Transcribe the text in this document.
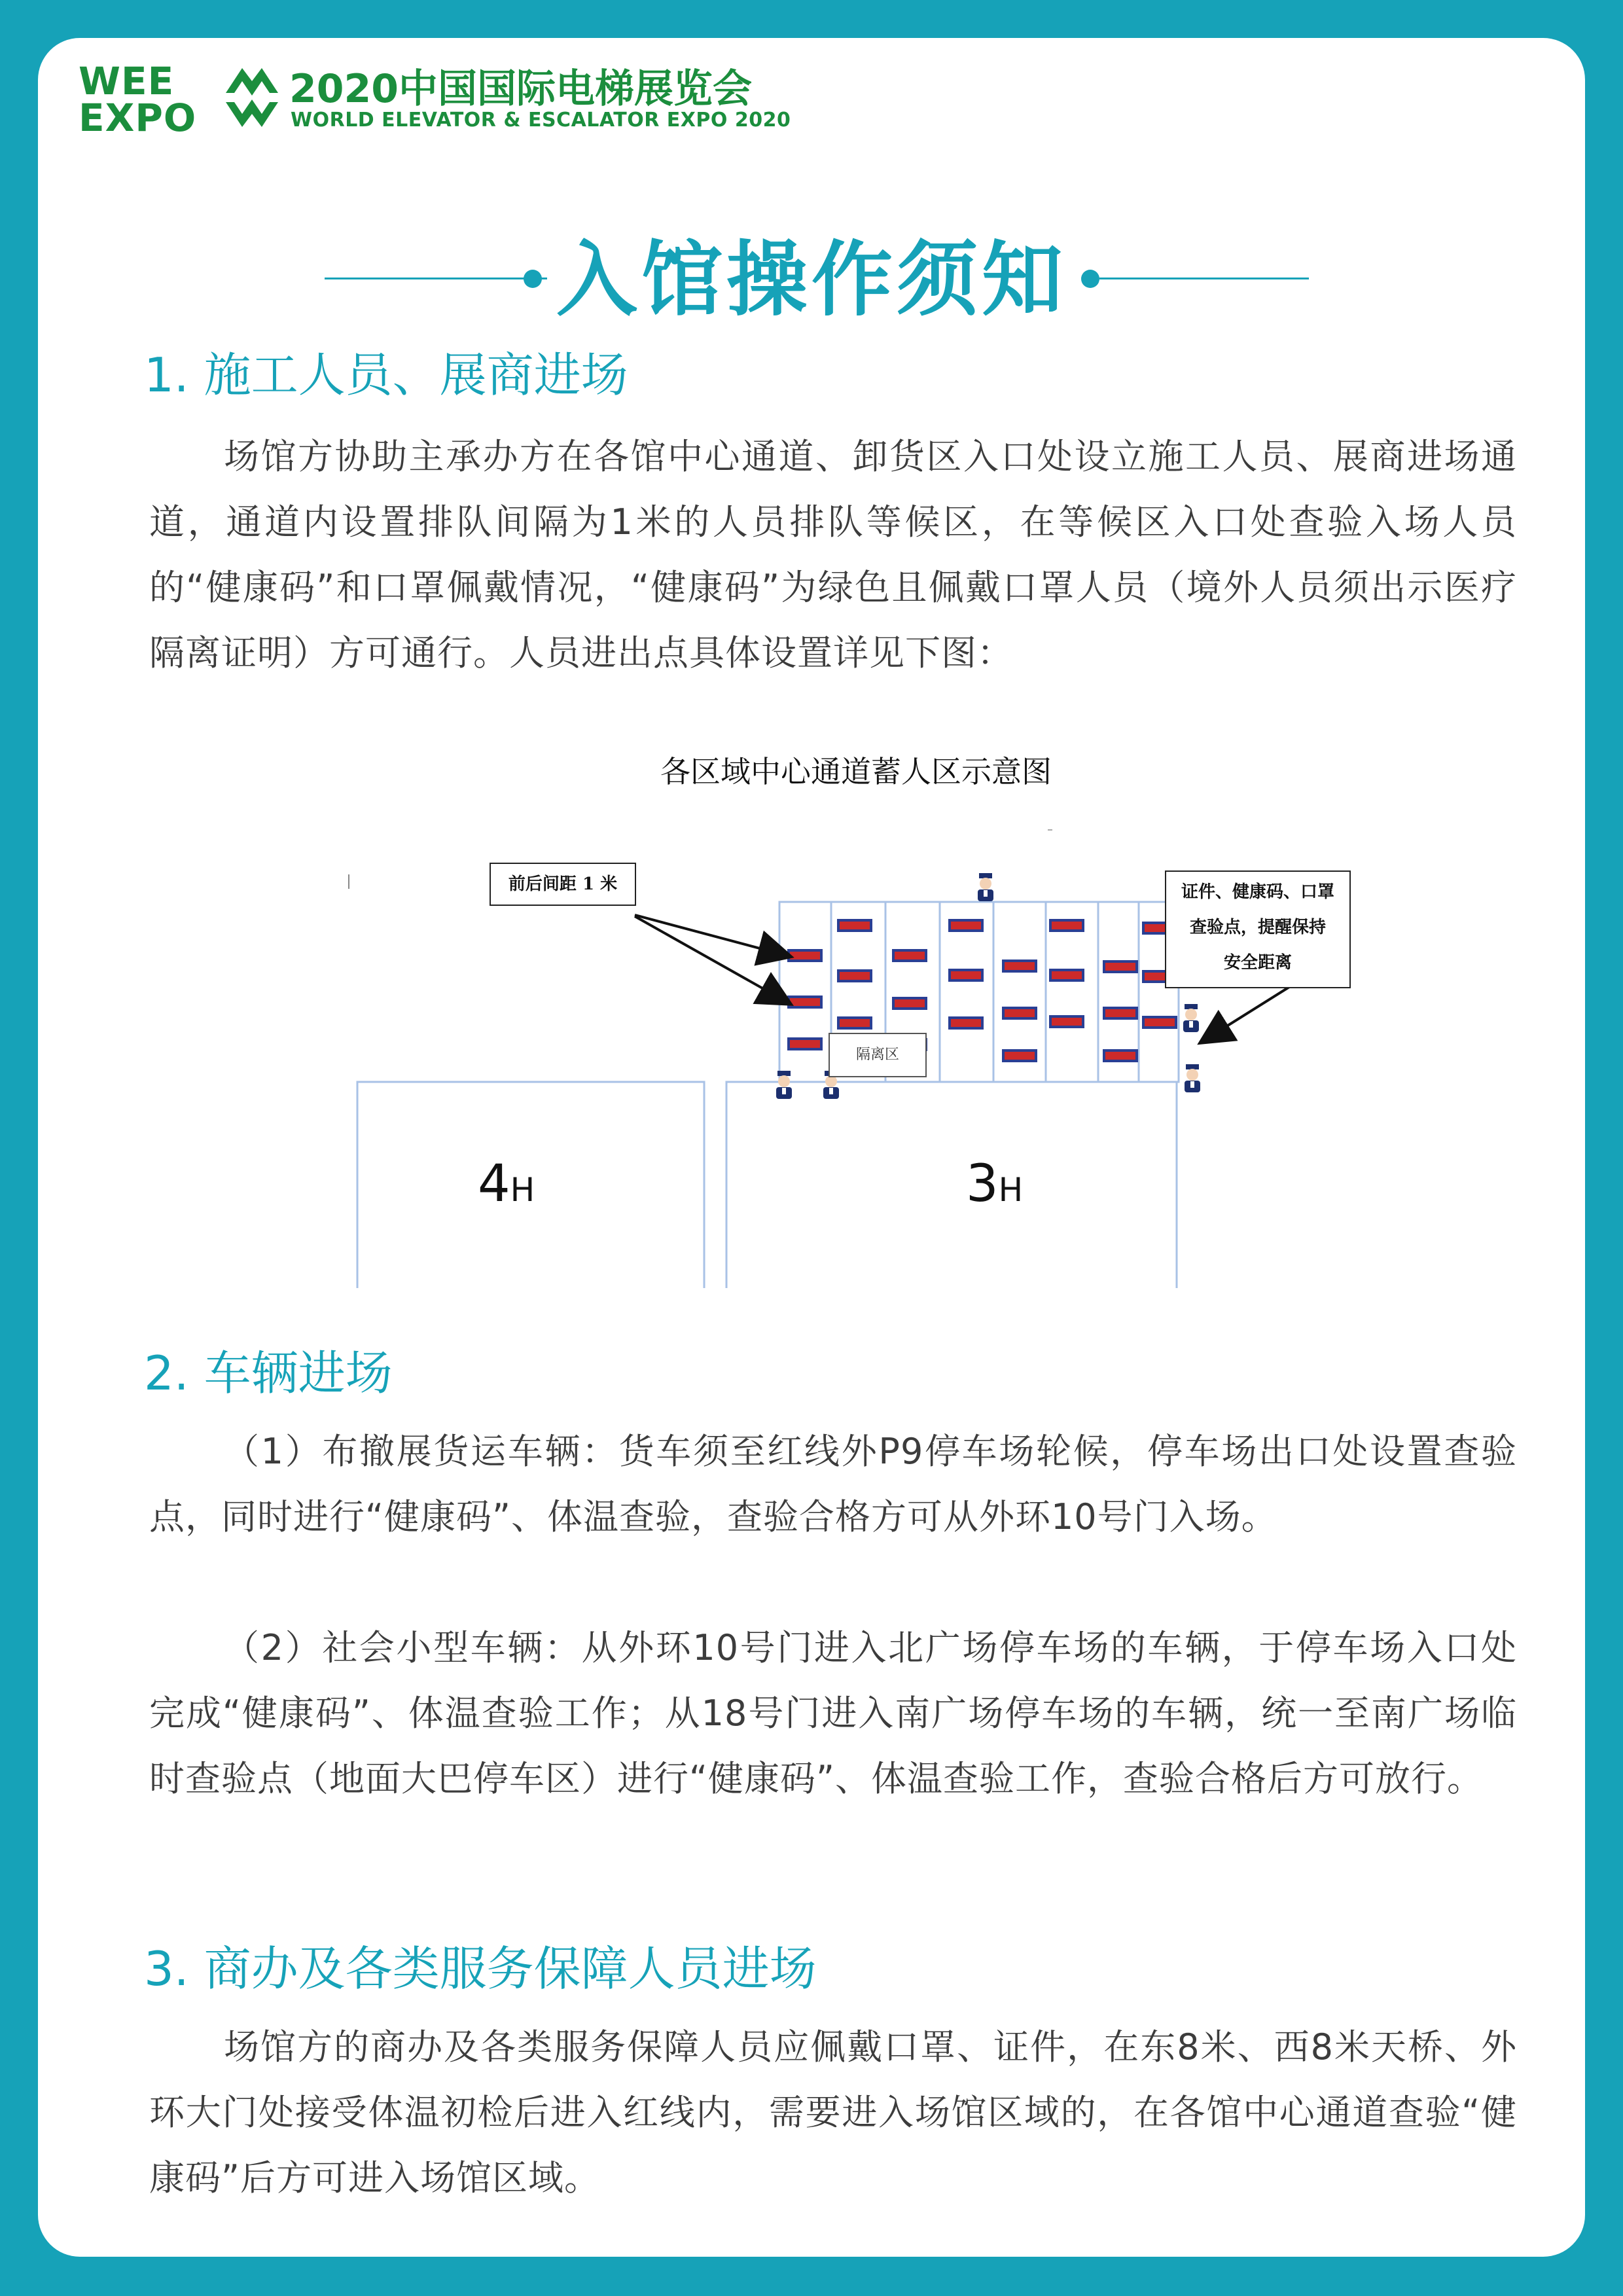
WEE
EXPO
2020中国国际电梯展览会
WORLD ELEVATOR & ESCALATOR EXPO 2020
入馆操作须知
1. 施工人员、展商进场
场馆方协助主承办方在各馆中心通道、卸货区入口处设立施工人员、展商进场通道，通道内设置排队间隔为1米的人员排队等候区，在等候区入口处查验入场人员的“健康码”和口罩佩戴情况，“健康码”为绿色且佩戴口罩人员（境外人员须出示医疗隔离证明）方可通行。人员进出点具体设置详见下图：
各区域中心通道蓄人区示意图
前后间距 1 米	证件、健康码、口罩
查验点，提醒保持
安全距离
隔离区
4H	3H
2. 车辆进场
（1）布撤展货运车辆：货车须至红线外P9停车场轮候，停车场出口处设置查验点，同时进行“健康码”、体温查验，查验合格方可从外环10号门入场。
（2）社会小型车辆：从外环10号门进入北广场停车场的车辆，于停车场入口处完成“健康码”、体温查验工作；从18号门进入南广场停车场的车辆，统一至南广场临时查验点（地面大巴停车区）进行“健康码”、体温查验工作，查验合格后方可放行。
3. 商办及各类服务保障人员进场
场馆方的商办及各类服务保障人员应佩戴口罩、证件，在东8米、西8米天桥、外环大门处接受体温初检后进入红线内，需要进入场馆区域的，在各馆中心通道查验“健康码”后方可进入场馆区域。
